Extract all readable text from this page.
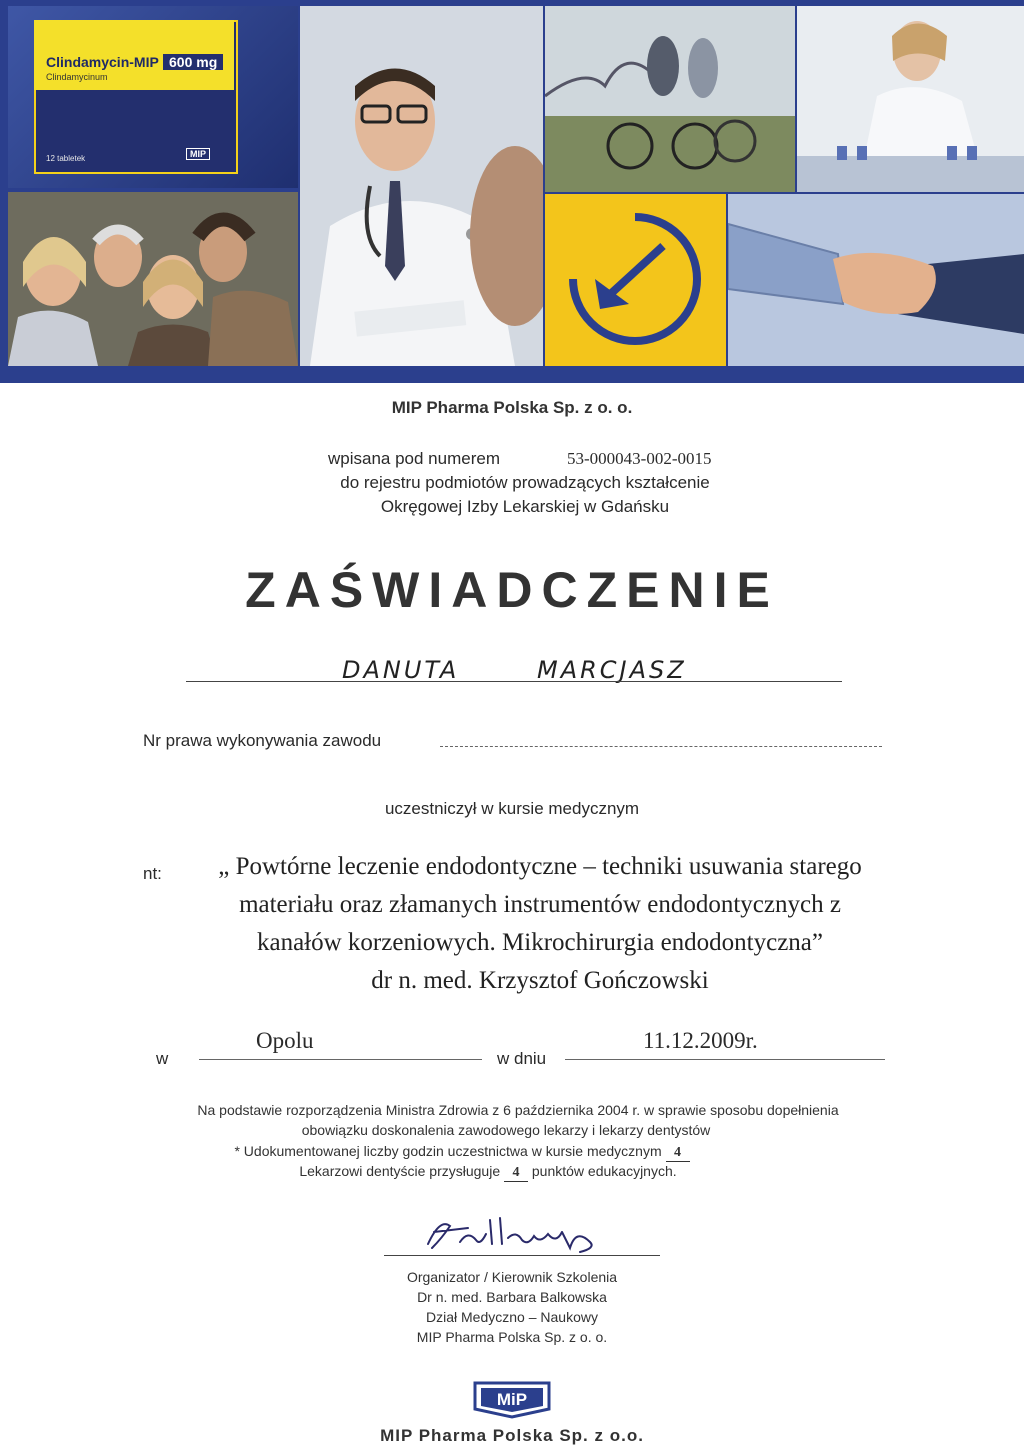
Clindamycin-MIP 600 mg
Clindamycinum
12 tabletek	MIP
MIP Pharma Polska Sp. z o. o.
wpisana pod numerem	53-000043-002-0015
do rejestru podmiotów prowadzących kształcenie
Okręgowej Izby Lekarskiej w Gdańsku
ZAŚWIADCZENIE
DANUTA	MARCJASZ
Nr prawa wykonywania zawodu
uczestniczył w kursie medycznym
nt:	„ Powtórne leczenie endodontyczne – techniki usuwania starego
materiału oraz złamanych instrumentów endodontycznych z
kanałów korzeniowych. Mikrochirurgia endodontyczna”
dr n. med. Krzysztof Gończowski
w
Opolu
w dniu
11.12.2009r.
Na podstawie rozporządzenia Ministra Zdrowia z 6 października 2004 r. w sprawie sposobu dopełnienia
obowiązku doskonalenia zawodowego lekarzy i lekarzy dentystów
* Udokumentowanej liczby godzin uczestnictwa w kursie medycznym 4
Lekarzowi dentyście przysługuje 4 punktów edukacyjnych.
Organizator / Kierownik Szkolenia
Dr n. med. Barbara Balkowska
Dział Medyczno – Naukowy
MIP Pharma Polska Sp. z o. o.
MiP
MIP Pharma Polska Sp. z o.o.
